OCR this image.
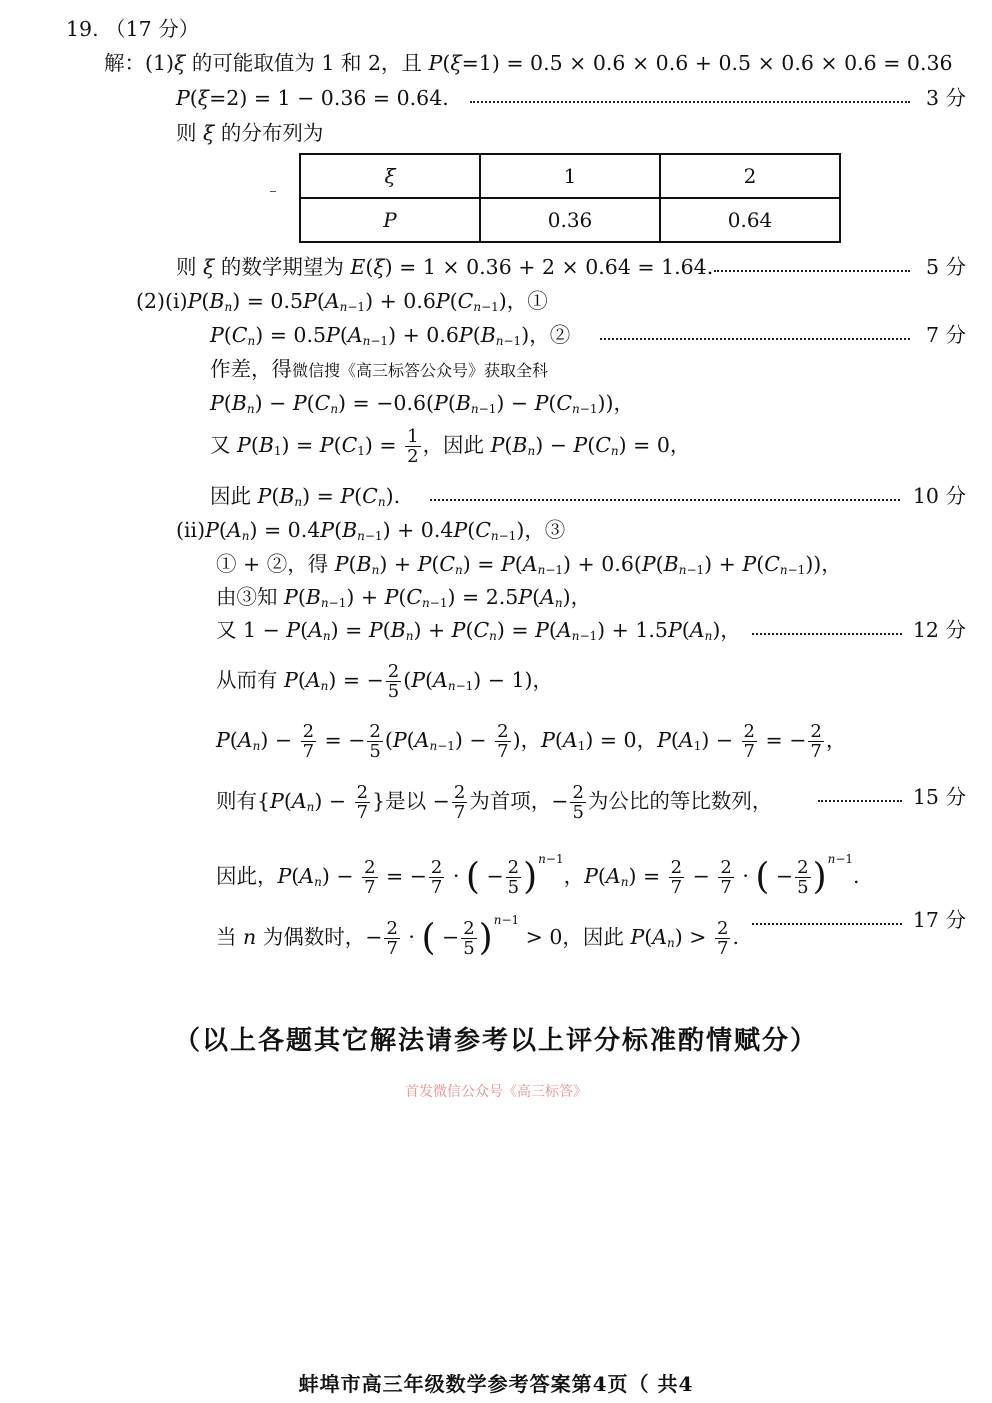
19. （17 分）
解：(1)ξ 的可能取值为 1 和 2，且 P(ξ=1) = 0.5 × 0.6 × 0.6 + 0.5 × 0.6 × 0.6 = 0.36
P(ξ=2) = 1 − 0.36 = 0.64.	3 分
则 ξ 的分布列为
ξ	1	2
P	0.36	0.64
则 ξ 的数学期望为 E(ξ) = 1 × 0.36 + 2 × 0.64 = 1.64.	5 分
$(2)(i)P(B_n) = 0.5P(A_{n-1}) + 0.6P(C_{n-1})$，①
$P(C_n) = 0.5P(A_{n-1}) + 0.6P(B_{n-1})$，②	7 分
作差，得微信搜《高三标答公众号》获取全科
$P(B_n) - P(C_n) = -0.6(P(B_{n-1}) - P(C_{n-1}))$，
又 $P(B_1) = P(C_1) = \frac{1}{2}$ ，因此 $P(B_n) - P(C_n) = 0$，
因此 $P(B_n) = P(C_n)$.	10 分
$(ii)P(A_n) = 0.4P(B_{n-1}) + 0.4P(C_{n-1})$，③
① + ②，得 $P(B_n) + P(C_n) = P(A_{n-1}) + 0.6(P(B_{n-1}) + P(C_{n-1}))$，
由③知 $P(B_{n-1}) + P(C_{n-1}) = 2.5P(A_n)$，
又 $1 - P(A_n) = P(B_n) + P(C_n) = P(A_{n-1}) + 1.5P(A_n)$，	12 分
从而有 $P(A_n)$ = − $\frac{2}{5} (P(A_{n-1}) - 1)$，
$P(A_n) - \frac{2}{7}$ = − $\frac{2}{5} (P(A_{n-1}) - \frac{2}{7}$ )，$P(A_1) = 0$，$P(A_1) - \frac{2}{7}$ = − $\frac{2}{7}$ ，
则有{$P(A_n) - \frac{2}{7}$ }是以 − $\frac{2}{7}$ 为首项，− $\frac{2}{5}$ 为公比的等比数列，	15 分
因此，$P(A_n) - \frac{2}{7}$ = − $\frac{2}{7}$ · ( − $\frac{2}{5} )^{n-1}$，$P(A_n) = \frac{2}{7} - \frac{2}{7}$ · ( − $\frac{2}{5} )^{n-1}$.
当 n 为偶数时，− $\frac{2}{7}$ · ( − $\frac{2}{5} )^{n-1} > 0$，因此 $P(A_n) > \frac{2}{7}$ .
17 分
（以上各题其它解法请参考以上评分标准酌情赋分）
首发微信公众号《高三标答》
蚌埠市高三年级数学参考答案第4页（ 共4
